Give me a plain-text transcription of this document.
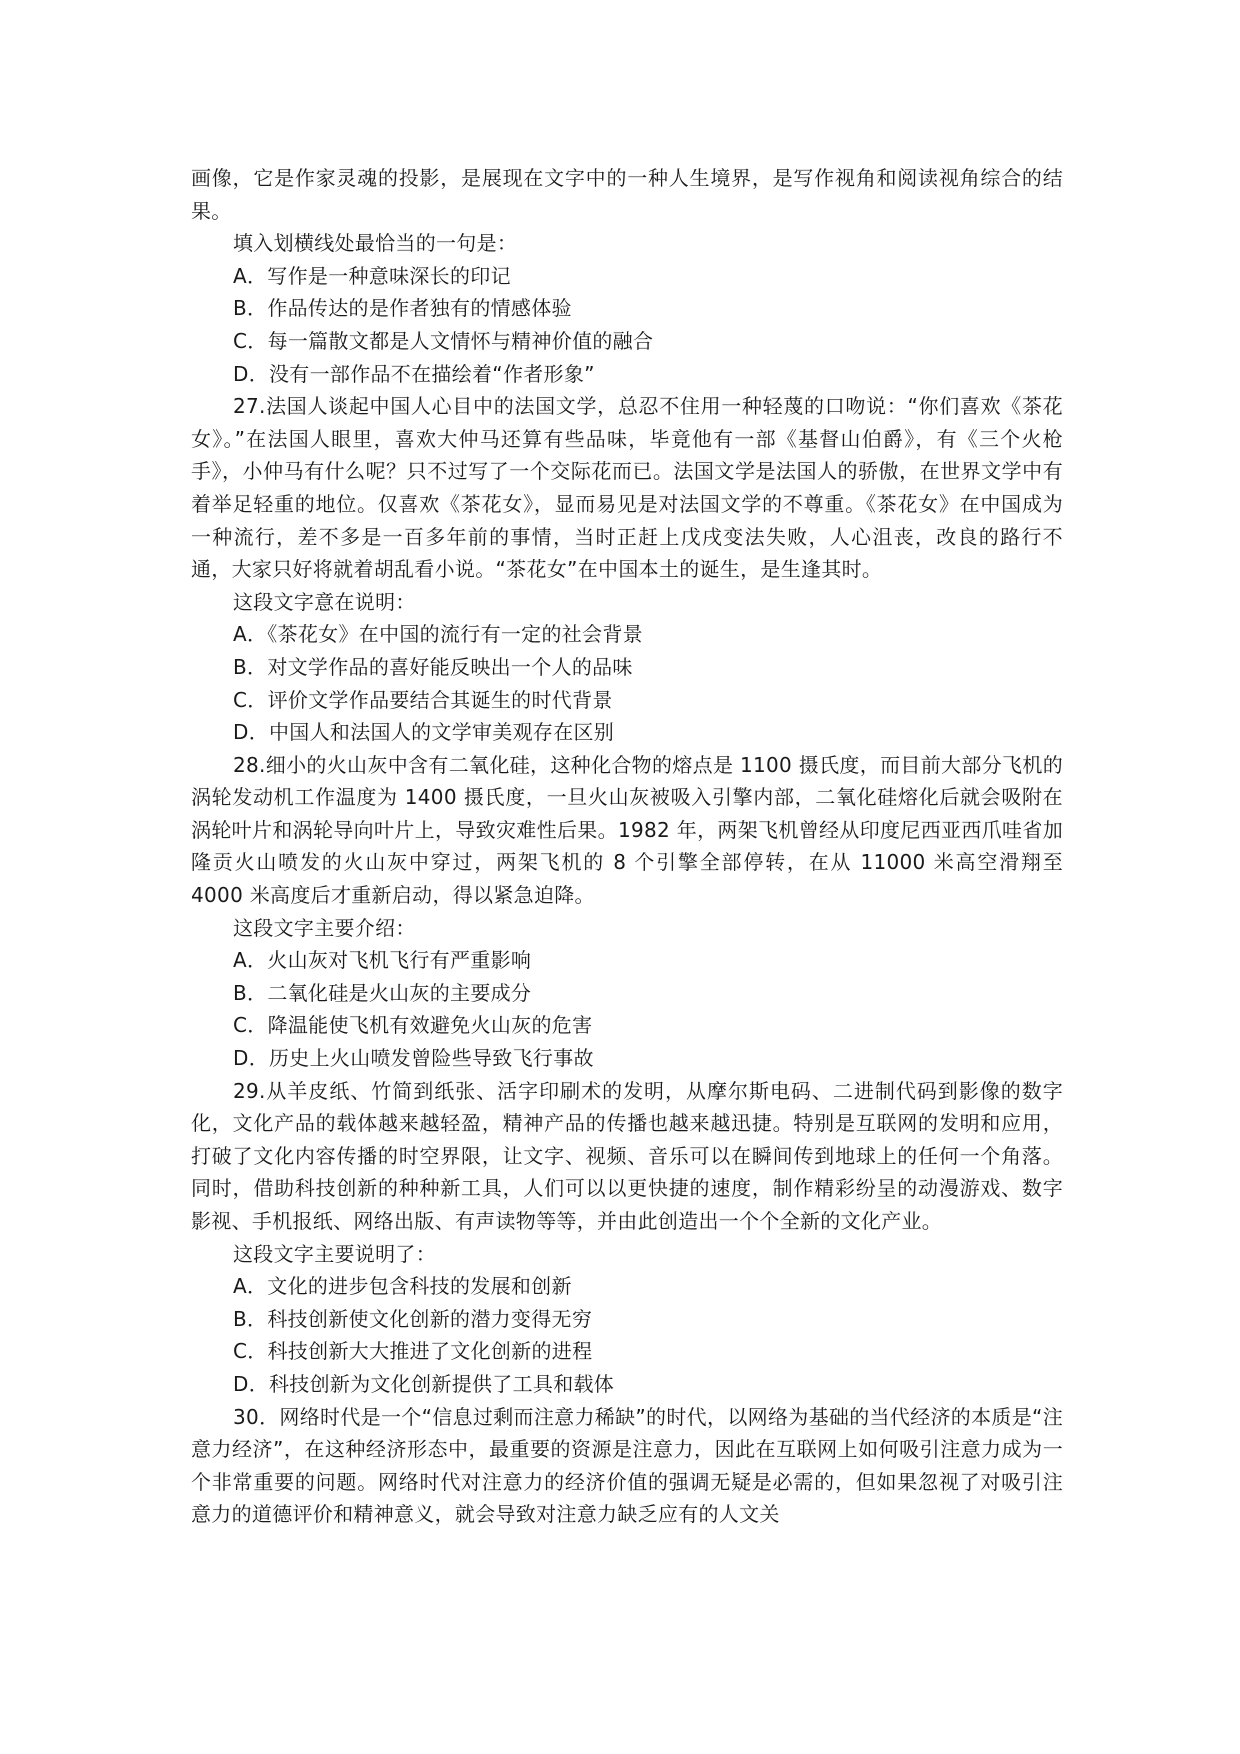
画像，它是作家灵魂的投影，是展现在文字中的一种人生境界，是写作视角和阅读视角综合的结果。

填入划横线处最恰当的一句是：

A．写作是一种意味深长的印记

B．作品传达的是作者独有的情感体验

C．每一篇散文都是人文情怀与精神价值的融合

D．没有一部作品不在描绘着“作者形象”

27.法国人谈起中国人心目中的法国文学，总忍不住用一种轻蔑的口吻说：“你们喜欢《茶花女》。”在法国人眼里，喜欢大仲马还算有些品味，毕竟他有一部《基督山伯爵》，有《三个火枪手》，小仲马有什么呢？只不过写了一个交际花而已。法国文学是法国人的骄傲，在世界文学中有着举足轻重的地位。仅喜欢《茶花女》，显而易见是对法国文学的不尊重。《茶花女》在中国成为一种流行，差不多是一百多年前的事情，当时正赶上戊戌变法失败，人心沮丧，改良的路行不通，大家只好将就着胡乱看小说。“茶花女”在中国本土的诞生，是生逢其时。

这段文字意在说明：

A．《茶花女》在中国的流行有一定的社会背景

B．对文学作品的喜好能反映出一个人的品味

C．评价文学作品要结合其诞生的时代背景

D．中国人和法国人的文学审美观存在区别

28.细小的火山灰中含有二氧化硅，这种化合物的熔点是 1100 摄氏度，而目前大部分飞机的涡轮发动机工作温度为 1400 摄氏度，一旦火山灰被吸入引擎内部，二氧化硅熔化后就会吸附在涡轮叶片和涡轮导向叶片上，导致灾难性后果。1982 年，两架飞机曾经从印度尼西亚西爪哇省加隆贡火山喷发的火山灰中穿过，两架飞机的 8 个引擎全部停转，在从 11000 米高空滑翔至 4000 米高度后才重新启动，得以紧急迫降。

这段文字主要介绍：

A．火山灰对飞机飞行有严重影响

B．二氧化硅是火山灰的主要成分

C．降温能使飞机有效避免火山灰的危害

D．历史上火山喷发曾险些导致飞行事故

29.从羊皮纸、竹简到纸张、活字印刷术的发明，从摩尔斯电码、二进制代码到影像的数字化，文化产品的载体越来越轻盈，精神产品的传播也越来越迅捷。特别是互联网的发明和应用，打破了文化内容传播的时空界限，让文字、视频、音乐可以在瞬间传到地球上的任何一个角落。同时，借助科技创新的种种新工具，人们可以以更快捷的速度，制作精彩纷呈的动漫游戏、数字影视、手机报纸、网络出版、有声读物等等，并由此创造出一个个全新的文化产业。

这段文字主要说明了：

A．文化的进步包含科技的发展和创新

B．科技创新使文化创新的潜力变得无穷

C．科技创新大大推进了文化创新的进程

D．科技创新为文化创新提供了工具和载体

30．网络时代是一个“信息过剩而注意力稀缺”的时代，以网络为基础的当代经济的本质是“注意力经济”，在这种经济形态中，最重要的资源是注意力，因此在互联网上如何吸引注意力成为一个非常重要的问题。网络时代对注意力的经济价值的强调无疑是必需的，但如果忽视了对吸引注意力的道德评价和精神意义，就会导致对注意力缺乏应有的人文关
